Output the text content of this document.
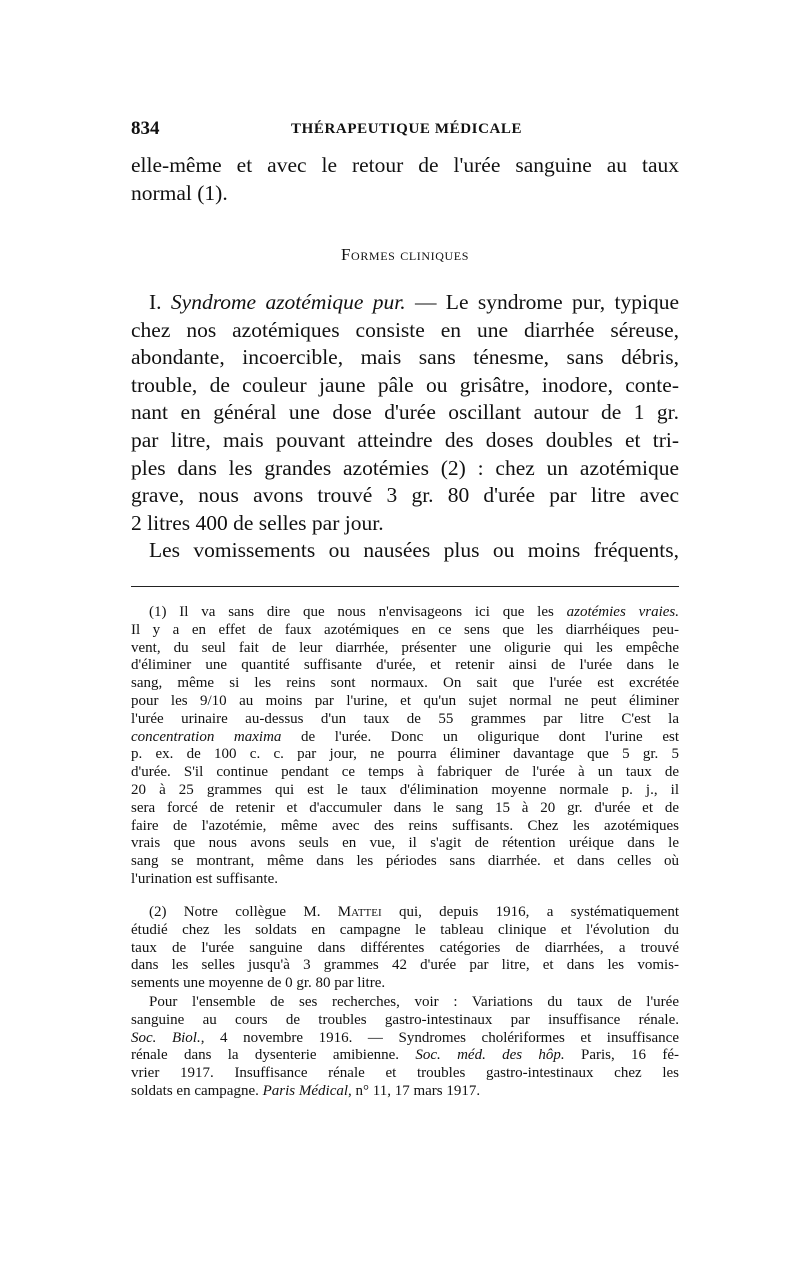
834	THÉRAPEUTIQUE MÉDICALE
elle-même et avec le retour de l'urée sanguine au taux
normal (1).
Formes cliniques
I. Syndrome azotémique pur. — Le syndrome pur, typique
chez nos azotémiques consiste en une diarrhée séreuse,
abondante, incoercible, mais sans ténesme, sans débris,
trouble, de couleur jaune pâle ou grisâtre, inodore, conte-
nant en général une dose d'urée oscillant autour de 1 gr.
par litre, mais pouvant atteindre des doses doubles et tri-
ples dans les grandes azotémies (2) : chez un azotémique
grave, nous avons trouvé 3 gr. 80 d'urée par litre avec
2 litres 400 de selles par jour.
Les vomissements ou nausées plus ou moins fréquents,
(1) Il va sans dire que nous n'envisageons ici que les azotémies vraies.
Il y a en effet de faux azotémiques en ce sens que les diarrhéiques peu-
vent, du seul fait de leur diarrhée, présenter une oligurie qui les empêche
d'éliminer une quantité suffisante d'urée, et retenir ainsi de l'urée dans le
sang, même si les reins sont normaux. On sait que l'urée est excrétée
pour les 9/10 au moins par l'urine, et qu'un sujet normal ne peut éliminer
l'urée urinaire au-dessus d'un taux de 55 grammes par litre C'est la
concentration maxima de l'urée. Donc un oligurique dont l'urine est
p. ex. de 100 c. c. par jour, ne pourra éliminer davantage que 5 gr. 5
d'urée. S'il continue pendant ce temps à fabriquer de l'urée à un taux de
20 à 25 grammes qui est le taux d'élimination moyenne normale p. j., il
sera forcé de retenir et d'accumuler dans le sang 15 à 20 gr. d'urée et de
faire de l'azotémie, même avec des reins suffisants. Chez les azotémiques
vrais que nous avons seuls en vue, il s'agit de rétention uréique dans le
sang se montrant, même dans les périodes sans diarrhée. et dans celles où
l'urination est suffisante.
(2) Notre collègue M. Mattei qui, depuis 1916, a systématiquement
étudié chez les soldats en campagne le tableau clinique et l'évolution du
taux de l'urée sanguine dans différentes catégories de diarrhées, a trouvé
dans les selles jusqu'à 3 grammes 42 d'urée par litre, et dans les vomis-
sements une moyenne de 0 gr. 80 par litre.
Pour l'ensemble de ses recherches, voir : Variations du taux de l'urée
sanguine au cours de troubles gastro-intestinaux par insuffisance rénale.
Soc. Biol., 4 novembre 1916. — Syndromes cholériformes et insuffisance
rénale dans la dysenterie amibienne. Soc. méd. des hôp. Paris, 16 fé-
vrier 1917. Insuffisance rénale et troubles gastro-intestinaux chez les
soldats en campagne. Paris Médical, n° 11, 17 mars 1917.
